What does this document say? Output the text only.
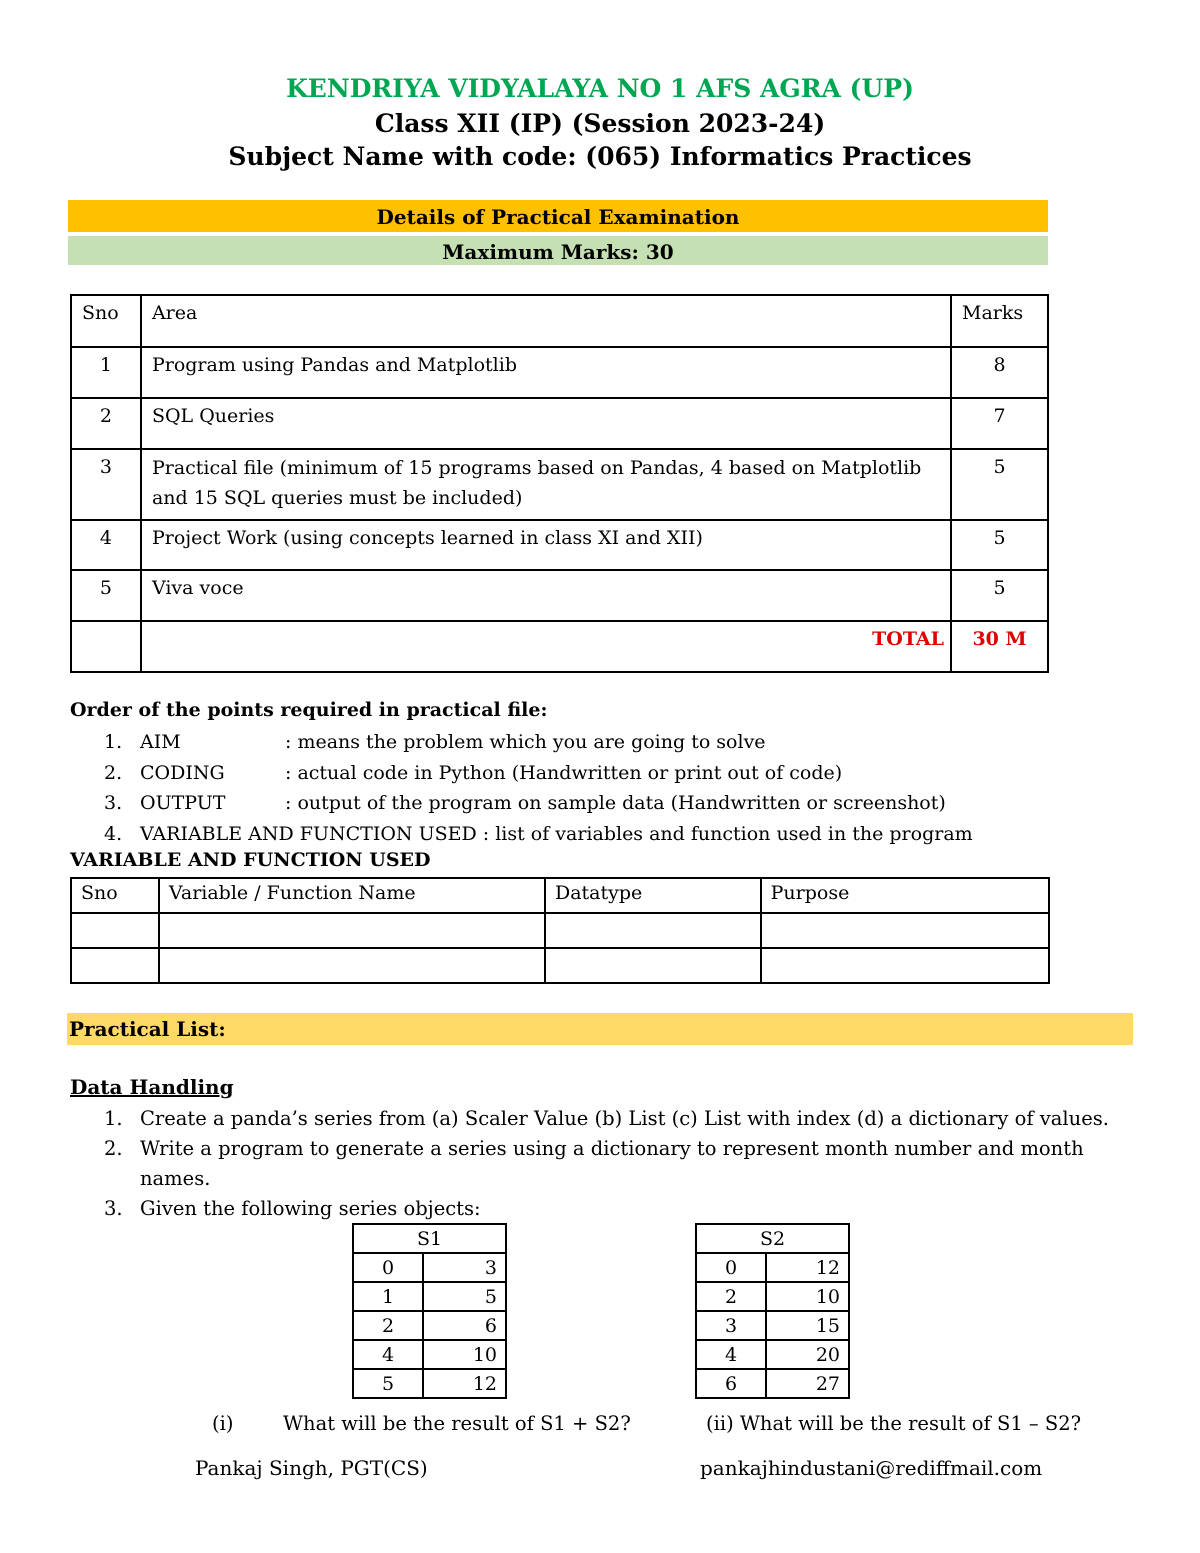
KENDRIYA VIDYALAYA NO 1 AFS AGRA (UP)
Class XII (IP) (Session 2023-24)
Subject Name with code: (065) Informatics Practices
Details of Practical Examination
Maximum Marks: 30
Sno	Area	Marks
1	Program using Pandas and Matplotlib	8
2	SQL Queries	7
3	Practical file (minimum of 15 programs based on Pandas, 4 based on Matplotlib and 15 SQL queries must be included)	5
4	Project Work (using concepts learned in class XI and XII)	5
5	Viva voce	5
	TOTAL	30 M
Order of the points required in practical file:
1. AIM	: means the problem which you are going to solve
2. CODING	: actual code in Python (Handwritten or print out of code)
3. OUTPUT	: output of the program on sample data (Handwritten or screenshot)
4. VARIABLE AND FUNCTION USED : list of variables and function used in the program
VARIABLE AND FUNCTION USED
Sno	Variable / Function Name	Datatype	Purpose

Practical List:
Data Handling
1. Create a panda’s series from (a) Scaler Value (b) List (c) List with index (d) a dictionary of values.
2. Write a program to generate a series using a dictionary to represent month number and month names.
3. Given the following series objects:
S1	
0	3
1	5
2	6
4	10
5	12
S2	
0	12
2	10
3	15
4	20
6	27
(i)	What will be the result of S1 + S2?	(ii) What will be the result of S1 – S2?
Pankaj Singh, PGT(CS)	pankajhindustani@rediffmail.com
